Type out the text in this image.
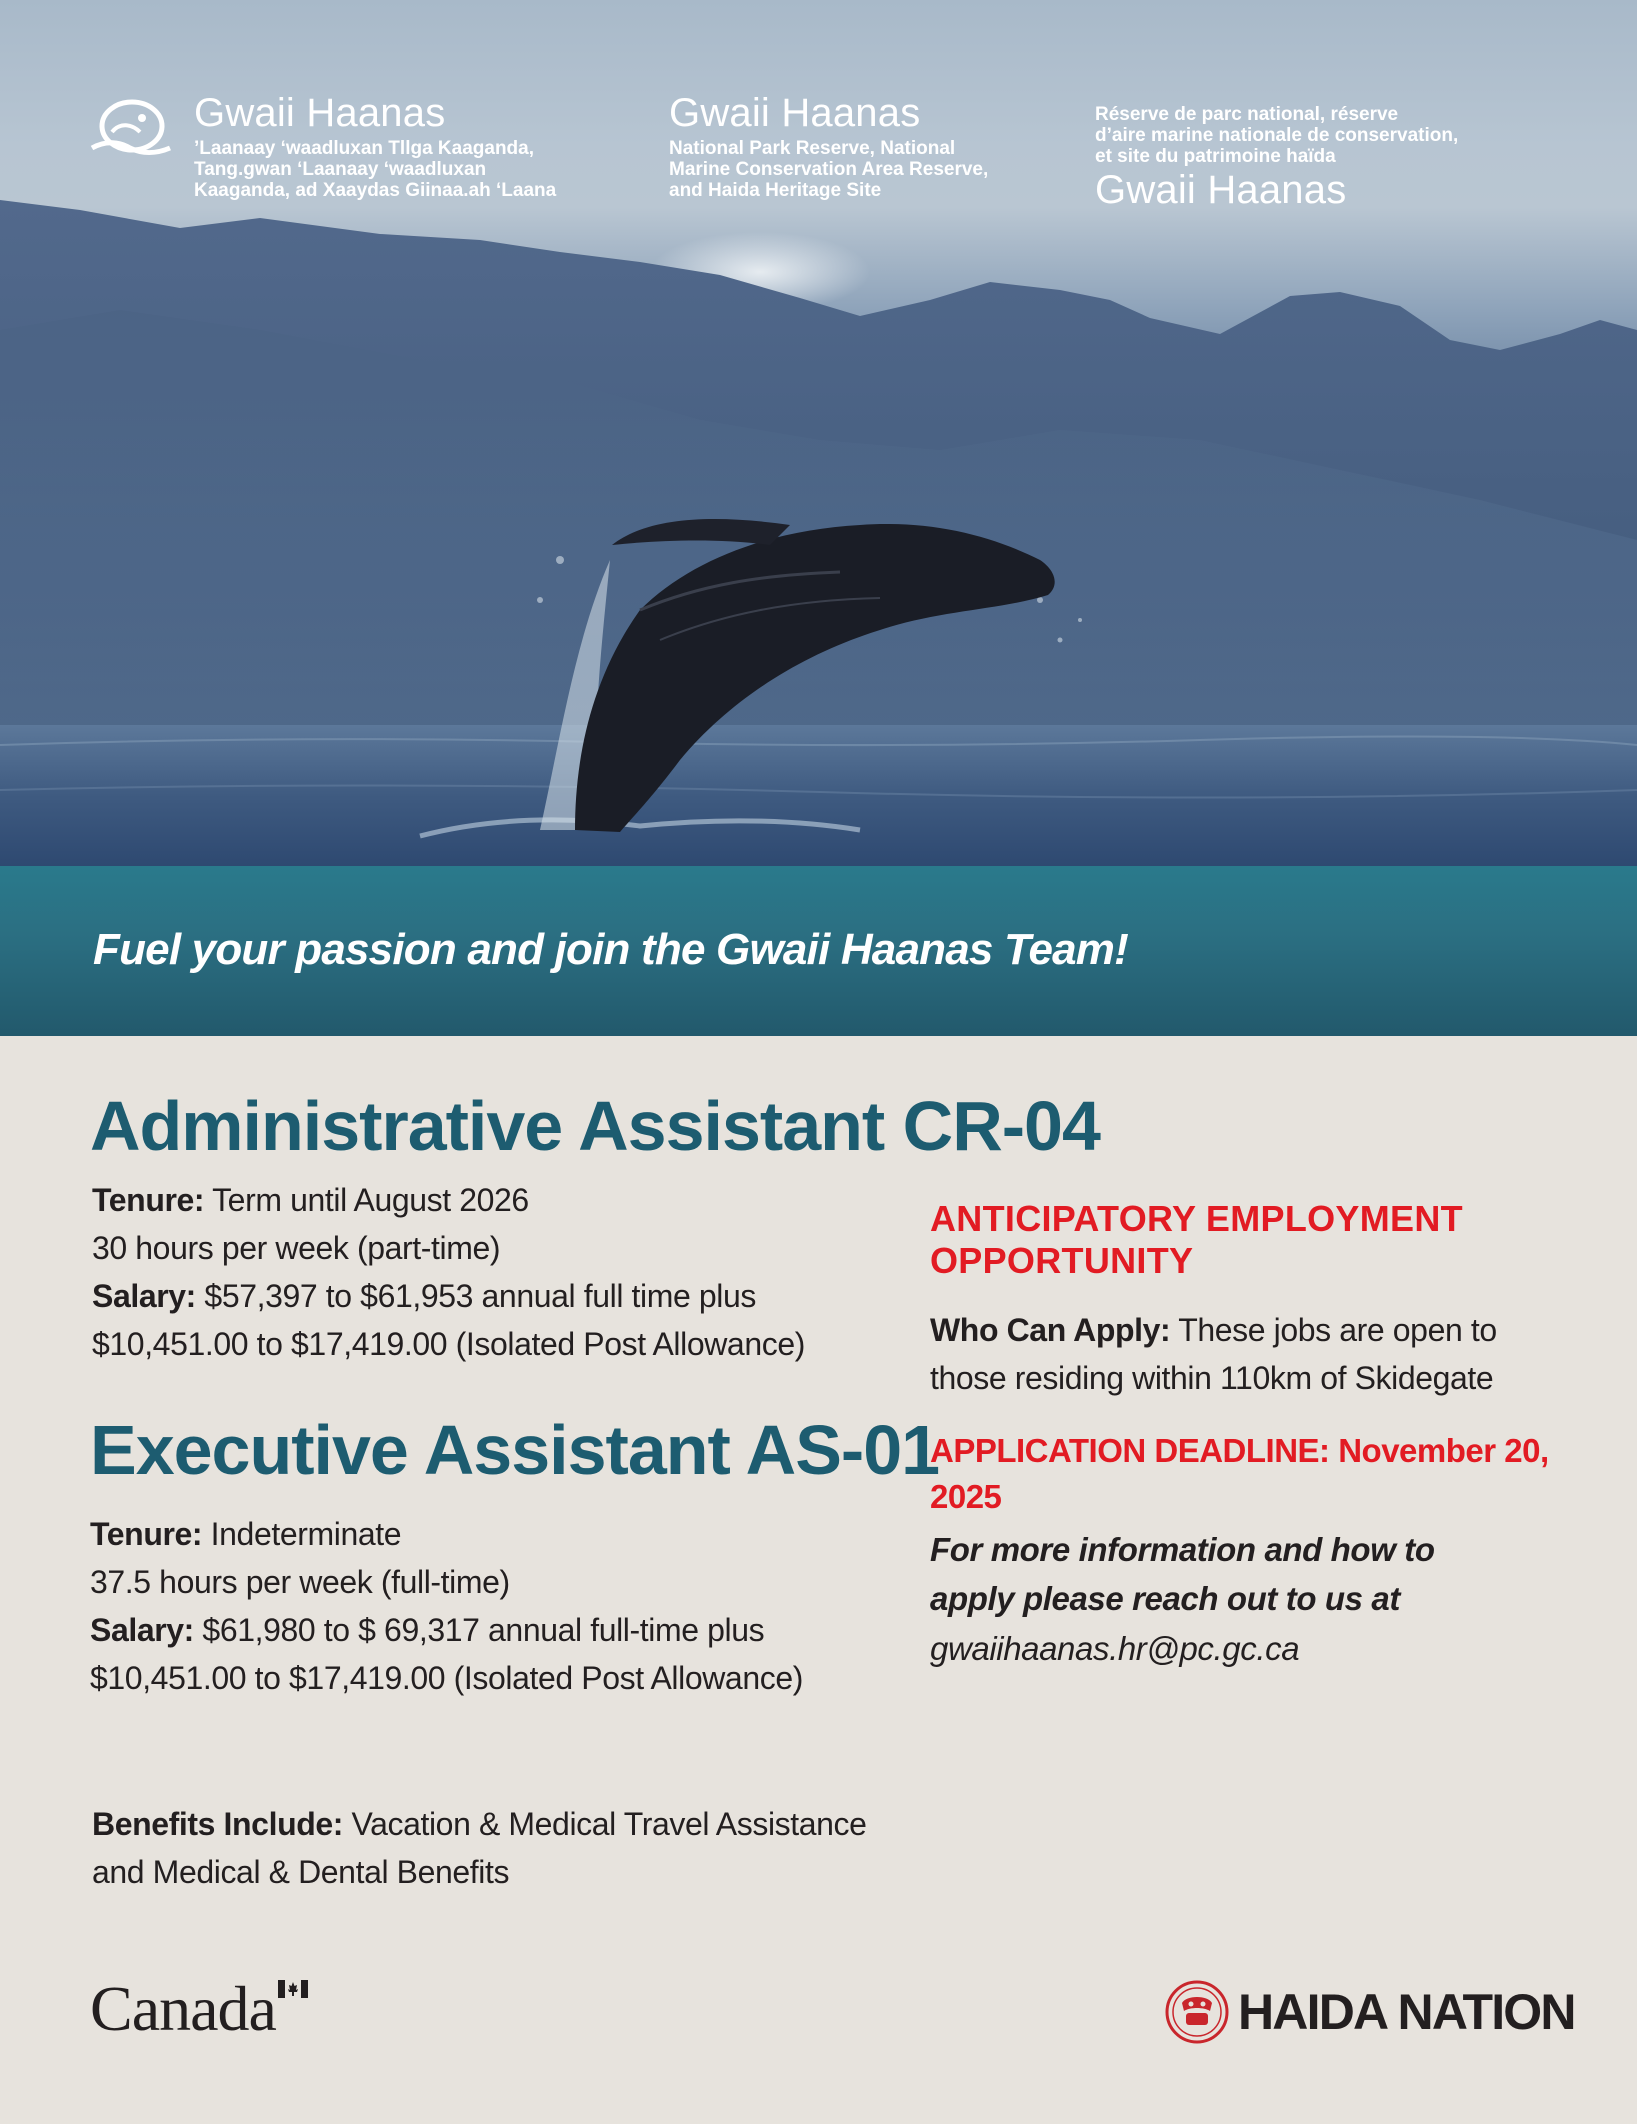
Gwaii Haanas
’Laanaay ‘waadluxan Tllga Kaaganda,
Tang.gwan ‘Laanaay ‘waadluxan
Kaaganda, ad Xaaydas Giinaa.ah ‘Laana
Gwaii Haanas
National Park Reserve, National
Marine Conservation Area Reserve,
and Haida Heritage Site
Réserve de parc national, réserve
d’aire marine nationale de conservation,
et site du patrimoine haïda
Gwaii Haanas
Fuel your passion and join the Gwaii Haanas Team!
Administrative Assistant CR-04
Tenure: Term until August 2026
30 hours per week (part-time)
Salary: $57,397 to $61,953 annual full time plus
$10,451.00 to $17,419.00 (Isolated Post Allowance)
Executive Assistant AS-01
Tenure: Indeterminate
37.5 hours per week (full-time)
Salary: $61,980 to $ 69,317 annual full-time plus
$10,451.00 to $17,419.00 (Isolated Post Allowance)
Benefits Include: Vacation & Medical Travel Assistance
and Medical & Dental Benefits
ANTICIPATORY EMPLOYMENT
OPPORTUNITY
Who Can Apply: These jobs are open to
those residing within 110km of Skidegate
APPLICATION DEADLINE: November 20,
2025
For more information and how to
apply please reach out to us at
gwaiihaanas.hr@pc.gc.ca
Canada	HAIDA NATION
